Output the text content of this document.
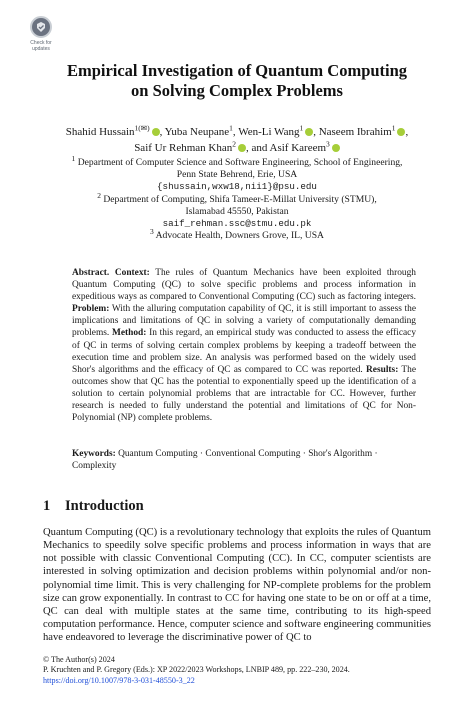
Check for
updates
Empirical Investigation of Quantum Computing
on Solving Complex Problems
Shahid Hussain$^{1(✉)}$ , Yuba Neupane$^1$, Wen-Li Wang$^1$ , Naseem Ibrahim$^1$ ,
Saif Ur Rehman Khan$^2$ , and Asif Kareem$^3$
$^1$ Department of Computer Science and Software Engineering, School of Engineering,
Penn State Behrend, Erie, USA
{shussain,wxw18,nii1}@psu.edu
$^2$ Department of Computing, Shifa Tameer-E-Millat University (STMU),
Islamabad 45550, Pakistan
saif_rehman.ssc@stmu.edu.pk
$^3$ Advocate Health, Downers Grove, IL, USA
Abstract. Context: The rules of Quantum Mechanics have been exploited through Quantum Computing (QC) to solve specific problems and process information in expeditious ways as compared to Conventional Computing (CC) such as factoring integers. Problem: With the alluring computation capability of QC, it is still important to assess the implications and limitations of QC in solving a variety of computationally demanding problems. Method: In this regard, an empirical study was conducted to assess the efficacy of QC in terms of solving certain complex problems by keeping a tradeoff between the execution time and problem size. An analysis was performed based on the widely used Shor's algorithms and the efficacy of QC as compared to CC was reported. Results: The outcomes show that QC has the potential to exponentially speed up the identification of a solution to certain polynomial problems that are intractable for CC. However, further research is needed to fully understand the potential and limitations of QC for Non-Polynomial (NP) complete problems.
Keywords: Quantum Computing · Conventional Computing · Shor's Algorithm · Complexity
1 Introduction
Quantum Computing (QC) is a revolutionary technology that exploits the rules of Quantum Mechanics to speedily solve specific problems and process information in ways that are not possible with classic Conventional Computing (CC). In CC, computer scientists are interested in solving optimization and decision problems within polynomial and/or non-polynomial time limit. This is very challenging for NP-complete problems for the problem size can grow exponentially. In contrast to CC for having one state to be on or off at a time, QC can deal with multiple states at the same time, contributing to its high-speed computation performance. Hence, computer science and software engineering communities have endeavored to leverage the discriminative power of QC to
© The Author(s) 2024
P. Kruchten and P. Gregory (Eds.): XP 2022/2023 Workshops, LNBIP 489, pp. 222–230, 2024.
https://doi.org/10.1007/978-3-031-48550-3_22
